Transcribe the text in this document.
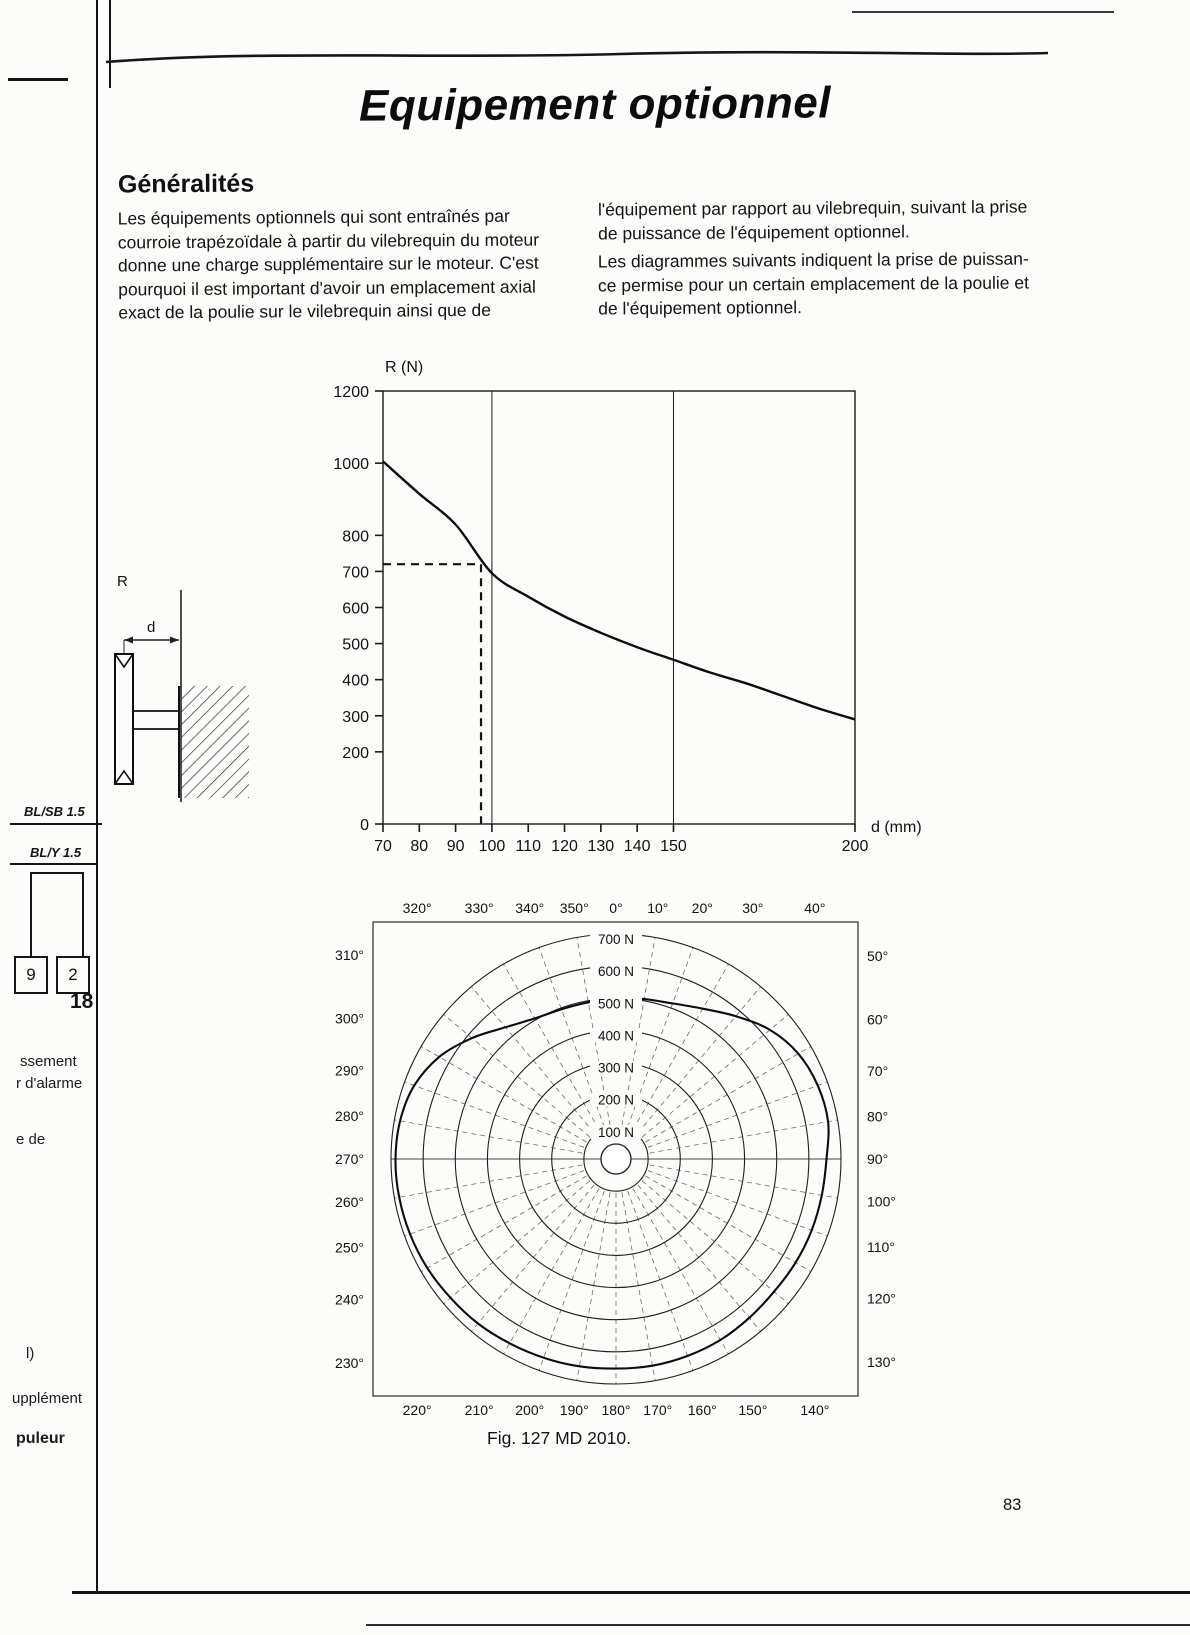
Equipement optionnel
Généralités
Les équipements optionnels qui sont entraînés par
courroie trapézoïdale à partir du vilebrequin du moteur
donne une charge supplémentaire sur le moteur. C'est
pourquoi il est important d'avoir un emplacement axial
exact de la poulie sur le vilebrequin ainsi que de
l'équipement par rapport au vilebrequin, suivant la prise
de puissance de l'équipement optionnel.
Les diagrammes suivants indiquent la prise de puissan-
ce permise pour un certain emplacement de la poulie et
de l'équipement optionnel.
R
d
0
200
300
400
500
600
700
800
1000
1200
70 80 90 100 110 120 130 140 150	200
R (N)
d (mm)
100 N
200 N
300 N
400 N
500 N
600 N
700 N
0° 10° 20° 30°	40°
50°
60°
70°
80°
90°
100°
110°
120°
130°
140°
150°
160°
170°
180°
190°
200°
210°
220°
230°
240°
250°
260°
270°
280°
290°
300°
310°
320° 330° 340° 350°
Fig. 127 MD 2010.
83
BL/SB 1.5
BL/Y 1.5
9 2
18
ssement
r d'alarme
e de
l)
upplément
puleur
